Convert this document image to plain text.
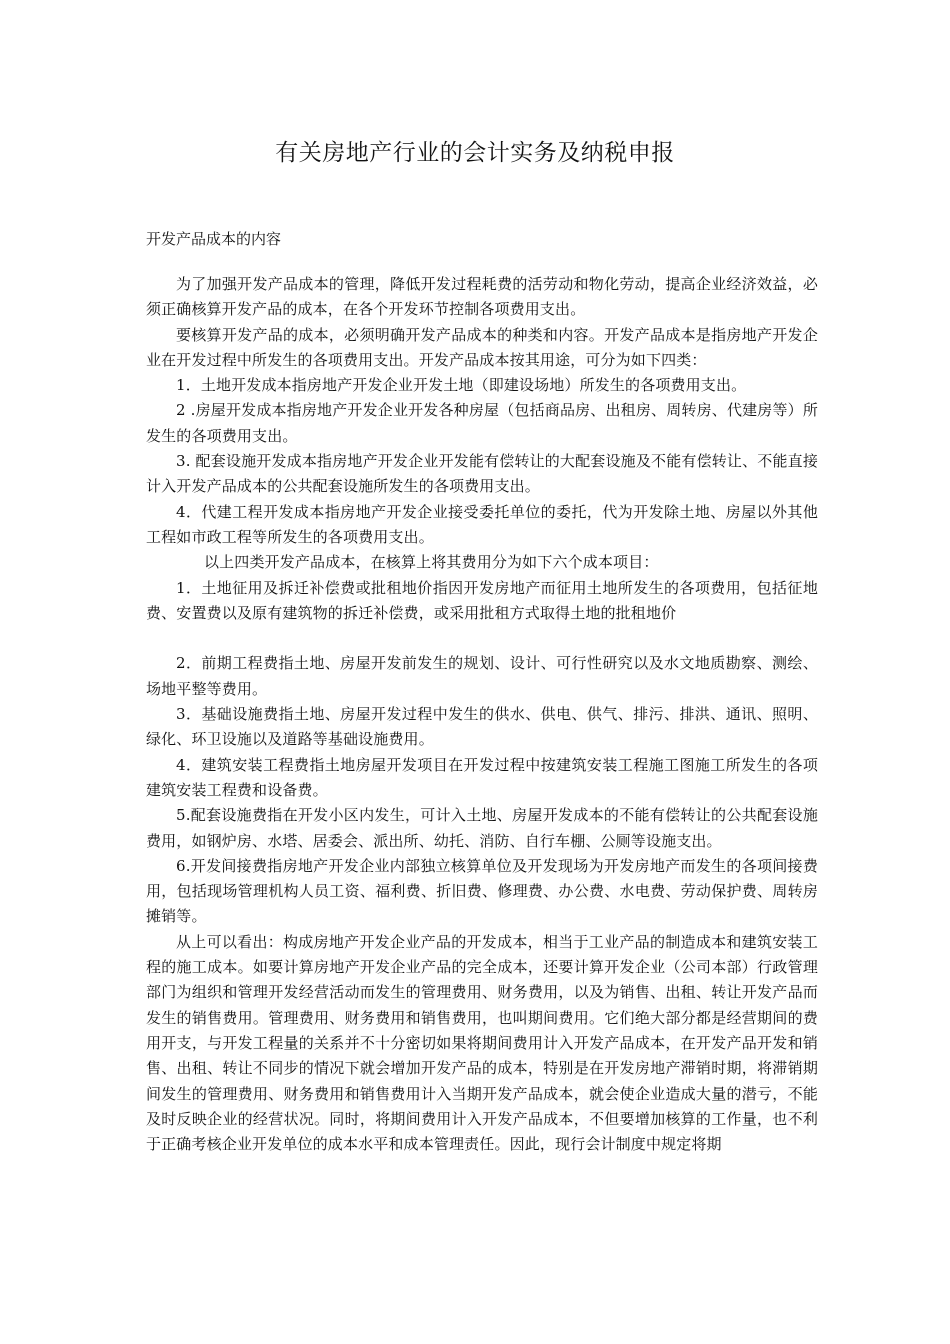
有关房地产行业的会计实务及纳税申报
开发产品成本的内容

为了加强开发产品成本的管理，降低开发过程耗费的活劳动和物化劳动，提高企业经济效益，必须正确核算开发产品的成本，在各个开发环节控制各项费用支出。

要核算开发产品的成本，必须明确开发产品成本的种类和内容。开发产品成本是指房地产开发企业在开发过程中所发生的各项费用支出。开发产品成本按其用途，可分为如下四类：

1．土地开发成本指房地产开发企业开发土地（即建设场地）所发生的各项费用支出。

2 .房屋开发成本指房地产开发企业开发各种房屋（包括商品房、出租房、周转房、代建房等）所发生的各项费用支出。

3. 配套设施开发成本指房地产开发企业开发能有偿转让的大配套设施及不能有偿转让、不能直接计入开发产品成本的公共配套设施所发生的各项费用支出。

4．代建工程开发成本指房地产开发企业接受委托单位的委托，代为开发除土地、房屋以外其他工程如市政工程等所发生的各项费用支出。

以上四类开发产品成本，在核算上将其费用分为如下六个成本项目：

1．土地征用及拆迁补偿费或批租地价指因开发房地产而征用土地所发生的各项费用，包括征地费、安置费以及原有建筑物的拆迁补偿费，或采用批租方式取得土地的批租地价

2．前期工程费指土地、房屋开发前发生的规划、设计、可行性研究以及水文地质勘察、测绘、场地平整等费用。

3．基础设施费指土地、房屋开发过程中发生的供水、供电、供气、排污、排洪、通讯、照明、绿化、环卫设施以及道路等基础设施费用。

4．建筑安装工程费指土地房屋开发项目在开发过程中按建筑安装工程施工图施工所发生的各项建筑安装工程费和设备费。

5.配套设施费指在开发小区内发生，可计入土地、房屋开发成本的不能有偿转让的公共配套设施费用，如钢炉房、水塔、居委会、派出所、幼托、消防、自行车棚、公厕等设施支出。

6.开发间接费指房地产开发企业内部独立核算单位及开发现场为开发房地产而发生的各项间接费用，包括现场管理机构人员工资、福利费、折旧费、修理费、办公费、水电费、劳动保护费、周转房摊销等。

从上可以看出：构成房地产开发企业产品的开发成本，相当于工业产品的制造成本和建筑安装工程的施工成本。如要计算房地产开发企业产品的完全成本，还要计算开发企业（公司本部）行政管理部门为组织和管理开发经营活动而发生的管理费用、财务费用，以及为销售、出租、转让开发产品而发生的销售费用。管理费用、财务费用和销售费用，也叫期间费用。它们绝大部分都是经营期间的费用开支，与开发工程量的关系并不十分密切如果将期间费用计入开发产品成本，在开发产品开发和销售、出租、转让不同步的情况下就会增加开发产品的成本，特别是在开发房地产滞销时期，将滞销期间发生的管理费用、财务费用和销售费用计入当期开发产品成本，就会使企业造成大量的潜亏，不能及时反映企业的经营状况。同时，将期间费用计入开发产品成本，不但要增加核算的工作量，也不利于正确考核企业开发单位的成本水平和成本管理责任。因此，现行会计制度中规定将期
